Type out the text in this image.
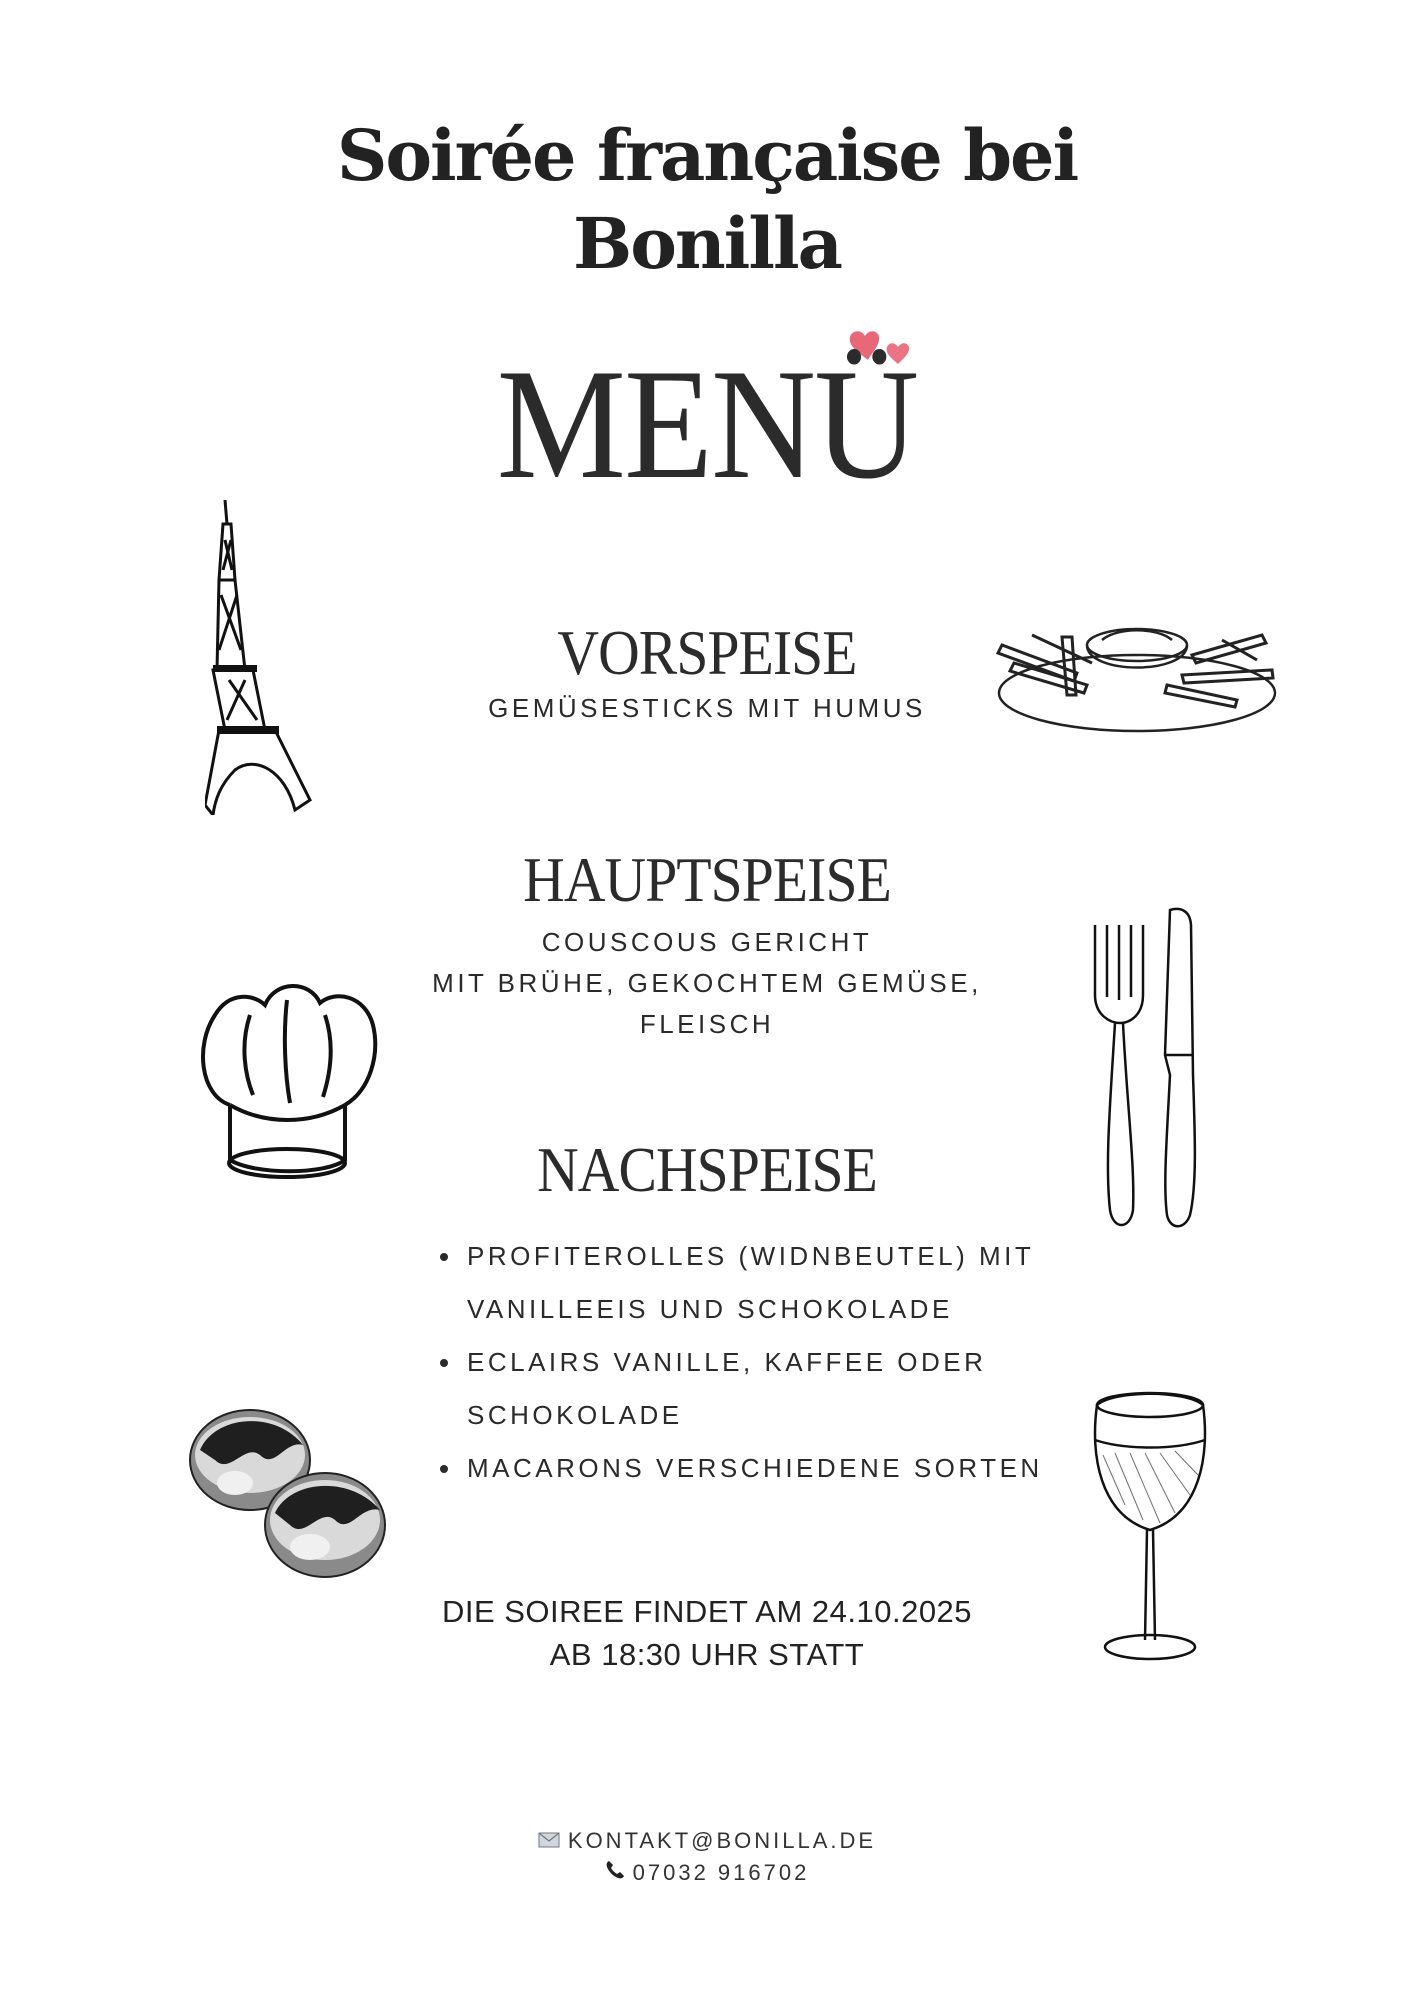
Soirée française bei
Bonilla
MENÜ
VORSPEISE
GEMÜSESTICKS MIT HUMUS
HAUPTSPEISE
COUSCOUS GERICHT
MIT BRÜHE, GEKOCHTEM GEMÜSE,
FLEISCH
NACHSPEISE
• PROFITEROLLES (WIDNBEUTEL) MIT
VANILLEEIS UND SCHOKOLADE
• ECLAIRS VANILLE, KAFFEE ODER
SCHOKOLADE
• MACARONS VERSCHIEDENE SORTEN
DIE SOIREE FINDET AM 24.10.2025
AB 18:30 UHR STATT
KONTAKT@BONILLA.DE
07032 916702
